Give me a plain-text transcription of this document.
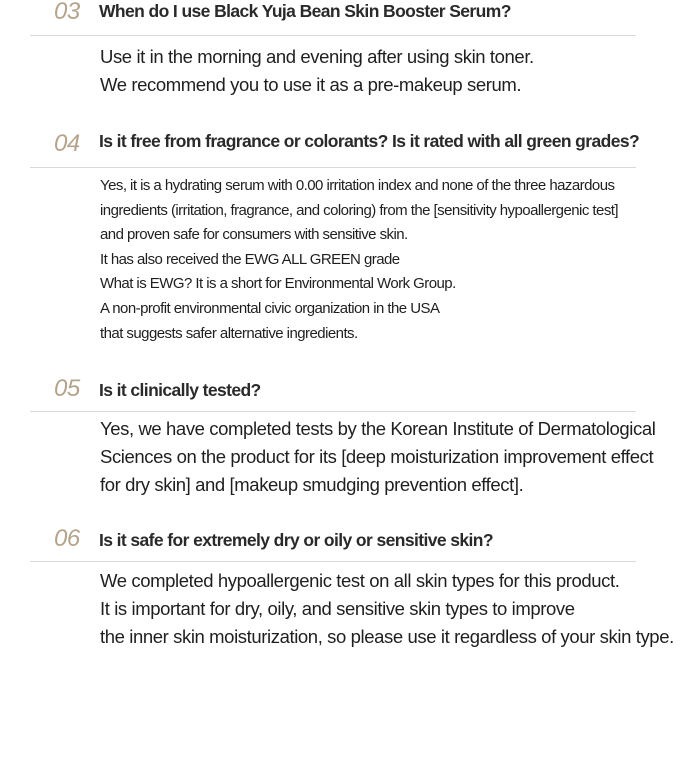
03 When do I use Black Yuja Bean Skin Booster Serum?

Use it in the morning and evening after using skin toner.

We recommend you to use it as a pre-makeup serum.

04 Is it free from fragrance or colorants? Is it rated with all green grades?

Yes, it is a hydrating serum with 0.00 irritation index and none of the three hazardous

ingredients (irritation, fragrance, and coloring) from the [sensitivity hypoallergenic test]

and proven safe for consumers with sensitive skin.

It has also received the EWG ALL GREEN grade

What is EWG? It is a short for Environmental Work Group.

A non-profit environmental civic organization in the USA

that suggests safer alternative ingredients.

05 Is it clinically tested?

Yes, we have completed tests by the Korean Institute of Dermatological

Sciences on the product for its [deep moisturization improvement effect

for dry skin] and [makeup smudging prevention effect].

06 Is it safe for extremely dry or oily or sensitive skin?

We completed hypoallergenic test on all skin types for this product.

It is important for dry, oily, and sensitive skin types to improve

the inner skin moisturization, so please use it regardless of your skin type.
